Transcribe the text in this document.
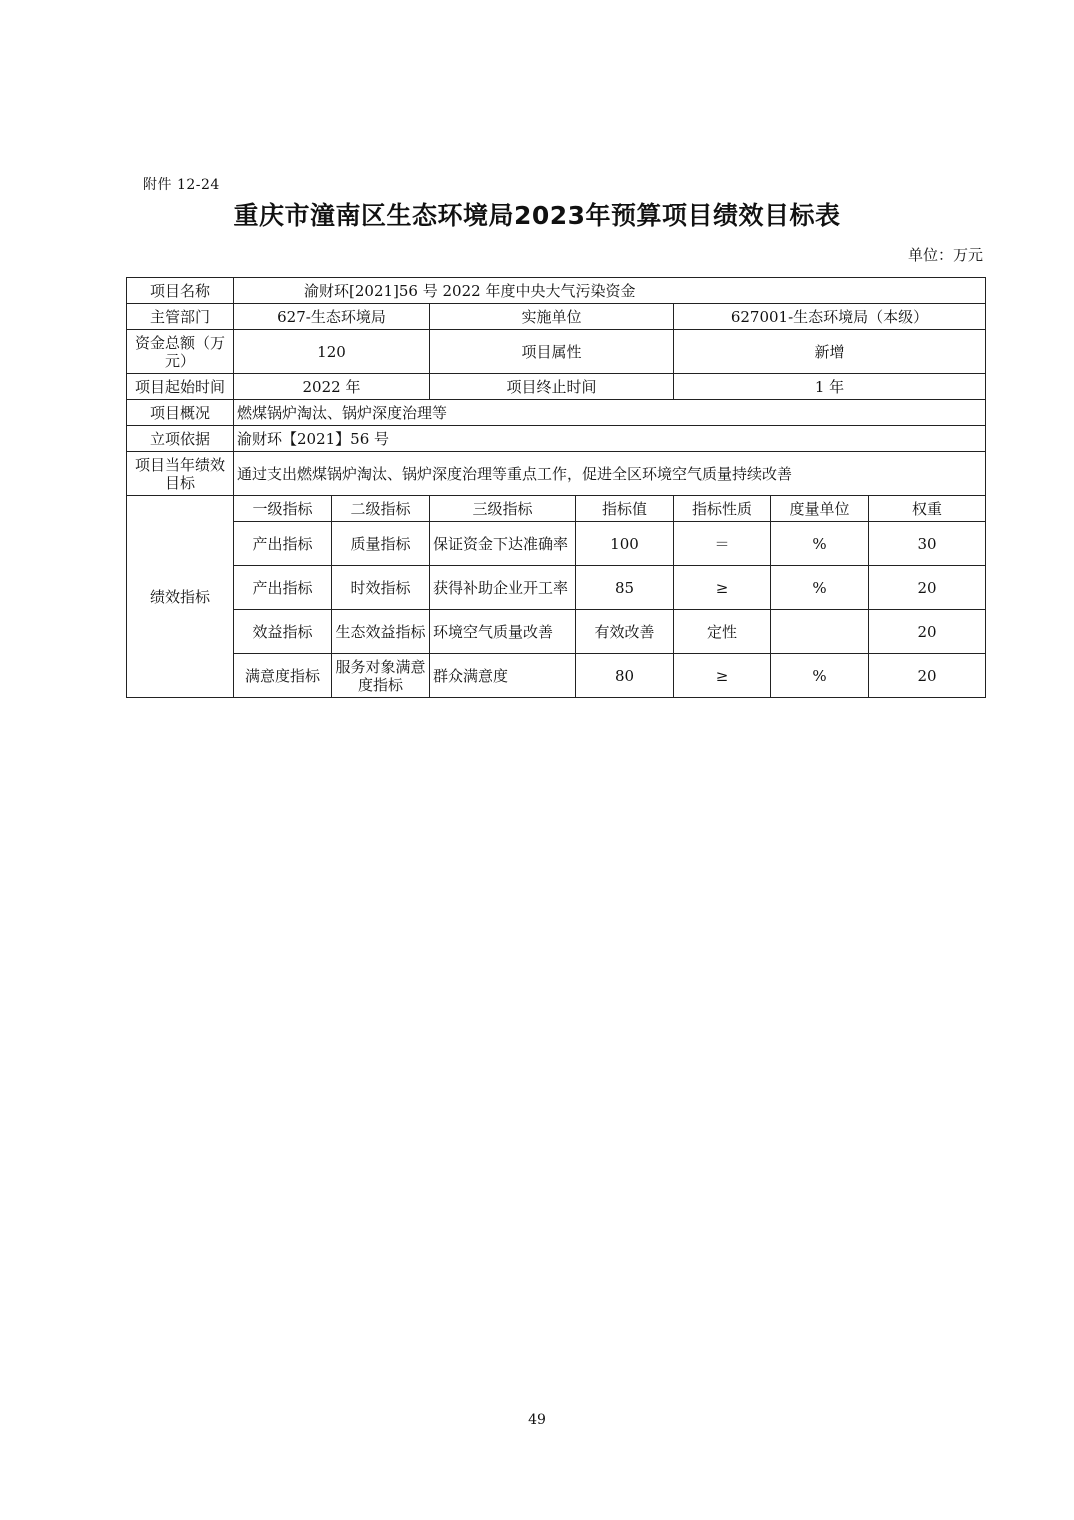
附件 12-24
重庆市潼南区生态环境局2023年预算项目绩效目标表
单位：万元
项目名称	渝财环[2021]56 号 2022 年度中央大气污染资金						
主管部门	627-生态环境局		实施单位		627001-生态环境局（本级）		
资金总额（万元）	120		项目属性		新增		
项目起始时间	2022 年		项目终止时间		1 年		
项目概况	燃煤锅炉淘汰、锅炉深度治理等						
立项依据	渝财环【2021】56 号						
项目当年绩效目标	通过支出燃煤锅炉淘汰、锅炉深度治理等重点工作，促进全区环境空气质量持续改善						
绩效指标	一级指标	二级指标	三级指标	指标值	指标性质	度量单位	权重
	产出指标	质量指标	保证资金下达准确率	100	＝	%	30
	产出指标	时效指标	获得补助企业开工率	85	≥	%	20
	效益指标	生态效益指标	环境空气质量改善	有效改善	定性		20
	满意度指标	服务对象满意度指标	群众满意度	80	≥	%	20
49
